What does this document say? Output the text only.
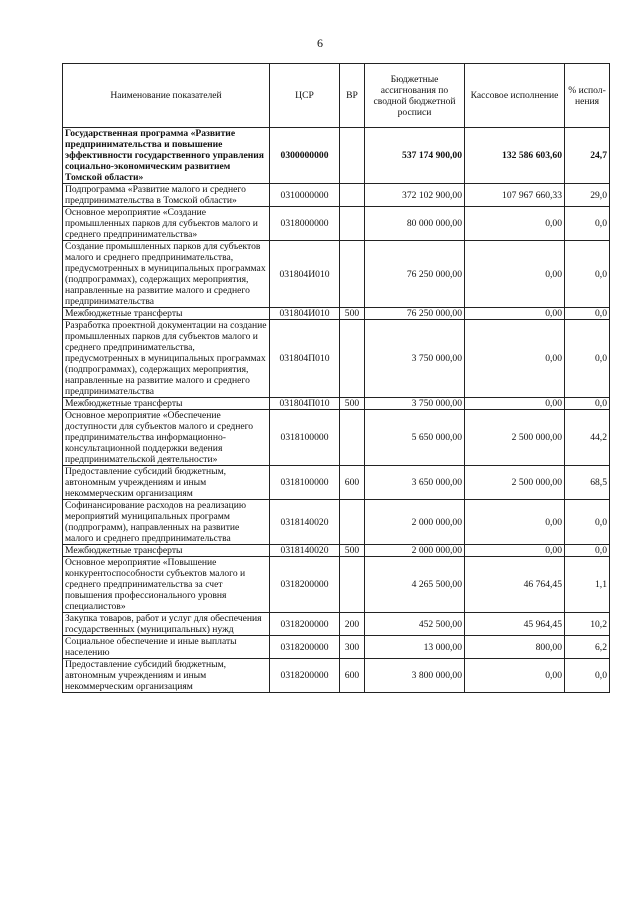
6
Наименование показателей	ЦСР	ВР	Бюджетные ассигнования по сводной бюджетной росписи	Кассовое исполнение	% испол-нения
Государственная программа «Развитие предпринимательства и повышение эффективности государственного управления социально-экономическим развитием Томской области»	0300000000		537 174 900,00	132 586 603,60	24,7
Подпрограмма «Развитие малого и среднего предпринимательства в Томской области»	0310000000		372 102 900,00	107 967 660,33	29,0
Основное мероприятие «Создание промышленных парков для субъектов малого и среднего предпринимательства»	0318000000		80 000 000,00	0,00	0,0
Создание промышленных парков для субъектов малого и среднего предпринимательства, предусмотренных в муниципальных программах (подпрограммах), содержащих мероприятия, направленные на развитие малого и среднего предпринимательства	031804И010		76 250 000,00	0,00	0,0
Межбюджетные трансферты	031804И010	500	76 250 000,00	0,00	0,0
Разработка проектной документации на создание промышленных парков для субъектов малого и среднего предпринимательства, предусмотренных в муниципальных программах (подпрограммах), содержащих мероприятия, направленные на развитие малого и среднего предпринимательства	031804П010		3 750 000,00	0,00	0,0
Межбюджетные трансферты	031804П010	500	3 750 000,00	0,00	0,0
Основное мероприятие «Обеспечение доступности для субъектов малого и среднего предпринимательства информационно-консультационной поддержки ведения предпринимательской деятельности»	0318100000		5 650 000,00	2 500 000,00	44,2
Предоставление субсидий бюджетным, автономным учреждениям и иным некоммерческим организациям	0318100000	600	3 650 000,00	2 500 000,00	68,5
Софинансирование расходов на реализацию мероприятий муниципальных программ (подпрограмм), направленных на развитие малого и среднего предпринимательства	0318140020		2 000 000,00	0,00	0,0
Межбюджетные трансферты	0318140020	500	2 000 000,00	0,00	0,0
Основное мероприятие «Повышение конкурентоспособности субъектов малого и среднего предпринимательства за счет повышения профессионального уровня специалистов»	0318200000		4 265 500,00	46 764,45	1,1
Закупка товаров, работ и услуг для обеспечения государственных (муниципальных) нужд	0318200000	200	452 500,00	45 964,45	10,2
Социальное обеспечение и иные выплаты населению	0318200000	300	13 000,00	800,00	6,2
Предоставление субсидий бюджетным, автономным учреждениям и иным некоммерческим организациям	0318200000	600	3 800 000,00	0,00	0,0
